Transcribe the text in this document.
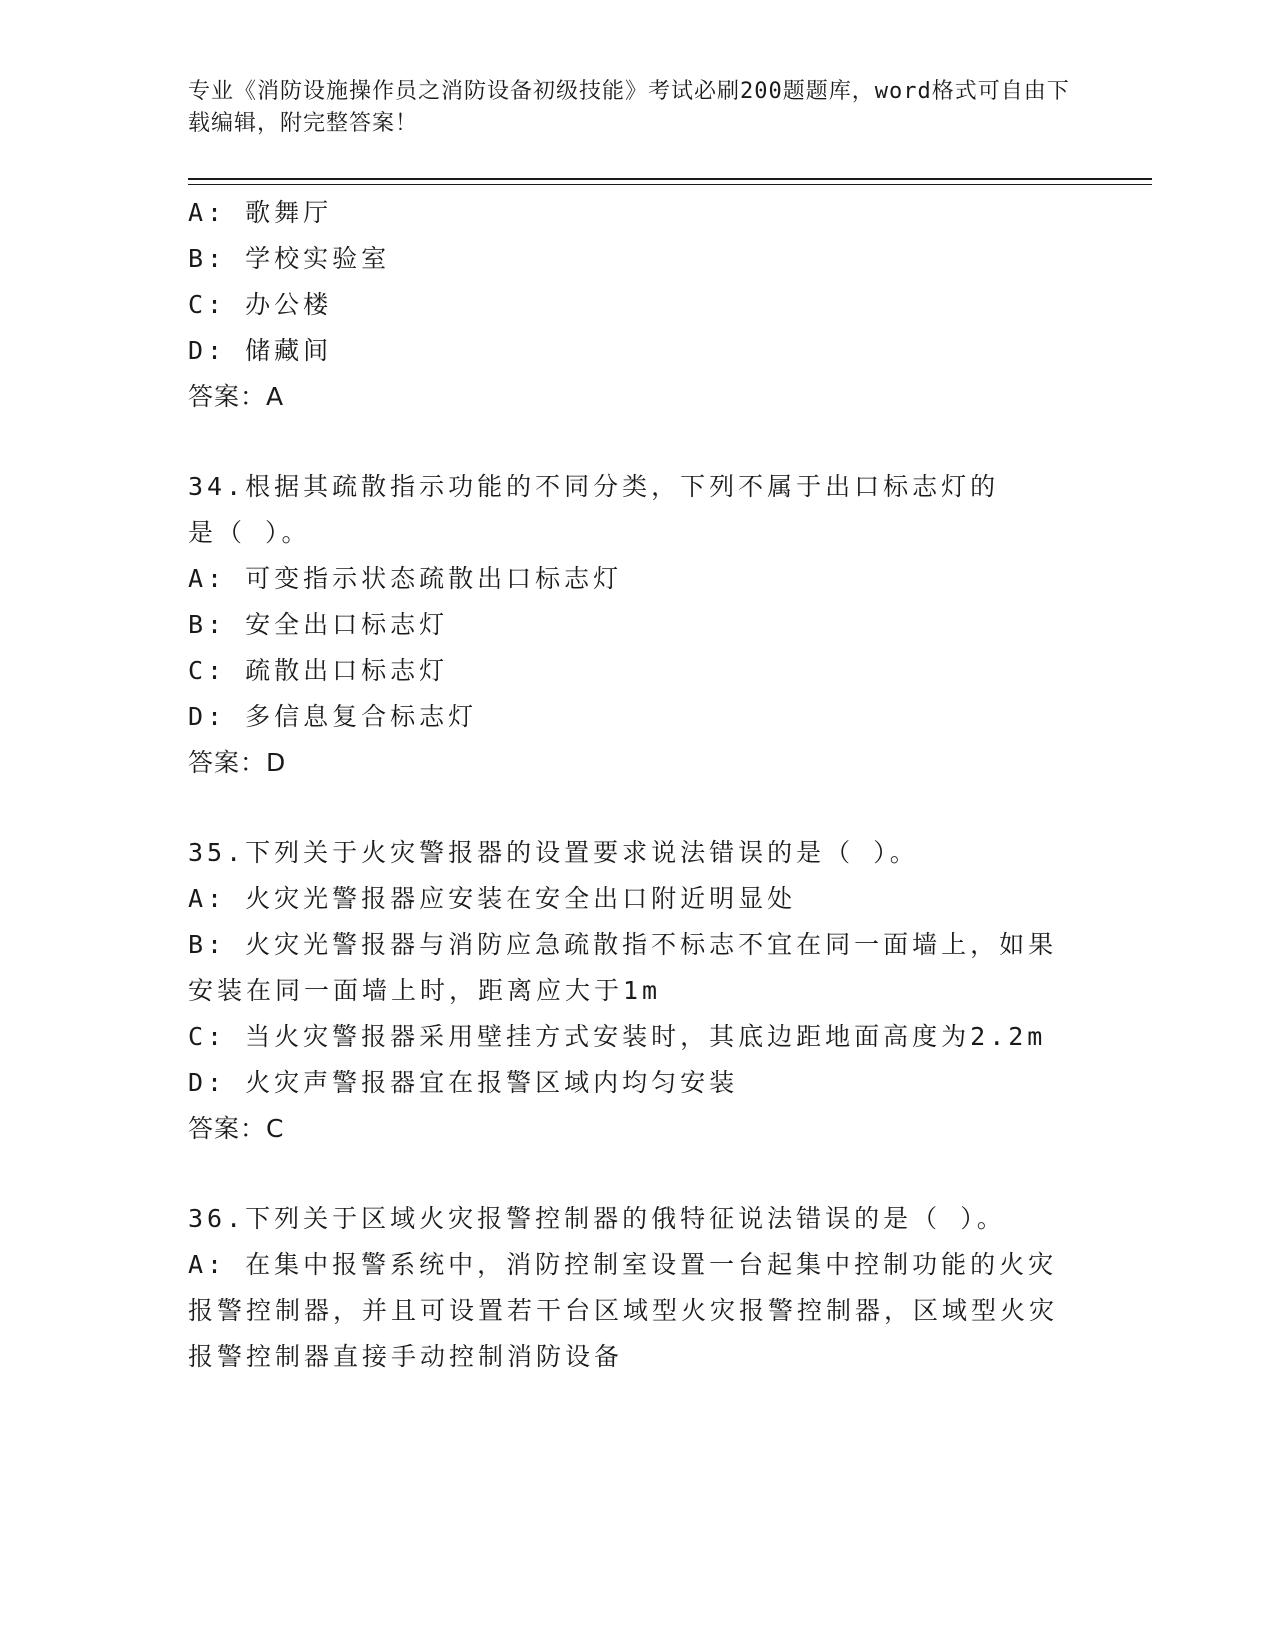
专业《消防设施操作员之消防设备初级技能》考试必刷200题题库，word格式可自由下载编辑，附完整答案！
A: 歌舞厅
B: 学校实验室
C: 办公楼
D: 储藏间
答案：A
34.根据其疏散指示功能的不同分类，下列不属于出口标志灯的是（ ）。
A: 可变指示状态疏散出口标志灯
B: 安全出口标志灯
C: 疏散出口标志灯
D: 多信息复合标志灯
答案：D
35.下列关于火灾警报器的设置要求说法错误的是（ ）。
A: 火灾光警报器应安装在安全出口附近明显处
B: 火灾光警报器与消防应急疏散指不标志不宜在同一面墙上，如果安装在同一面墙上时，距离应大于1m
C: 当火灾警报器采用壁挂方式安装时，其底边距地面高度为2.2m
D: 火灾声警报器宜在报警区域内均匀安装
答案：C
36.下列关于区域火灾报警控制器的俄特征说法错误的是（ ）。
A: 在集中报警系统中，消防控制室设置一台起集中控制功能的火灾报警控制器，并且可设置若干台区域型火灾报警控制器，区域型火灾报警控制器直接手动控制消防设备
